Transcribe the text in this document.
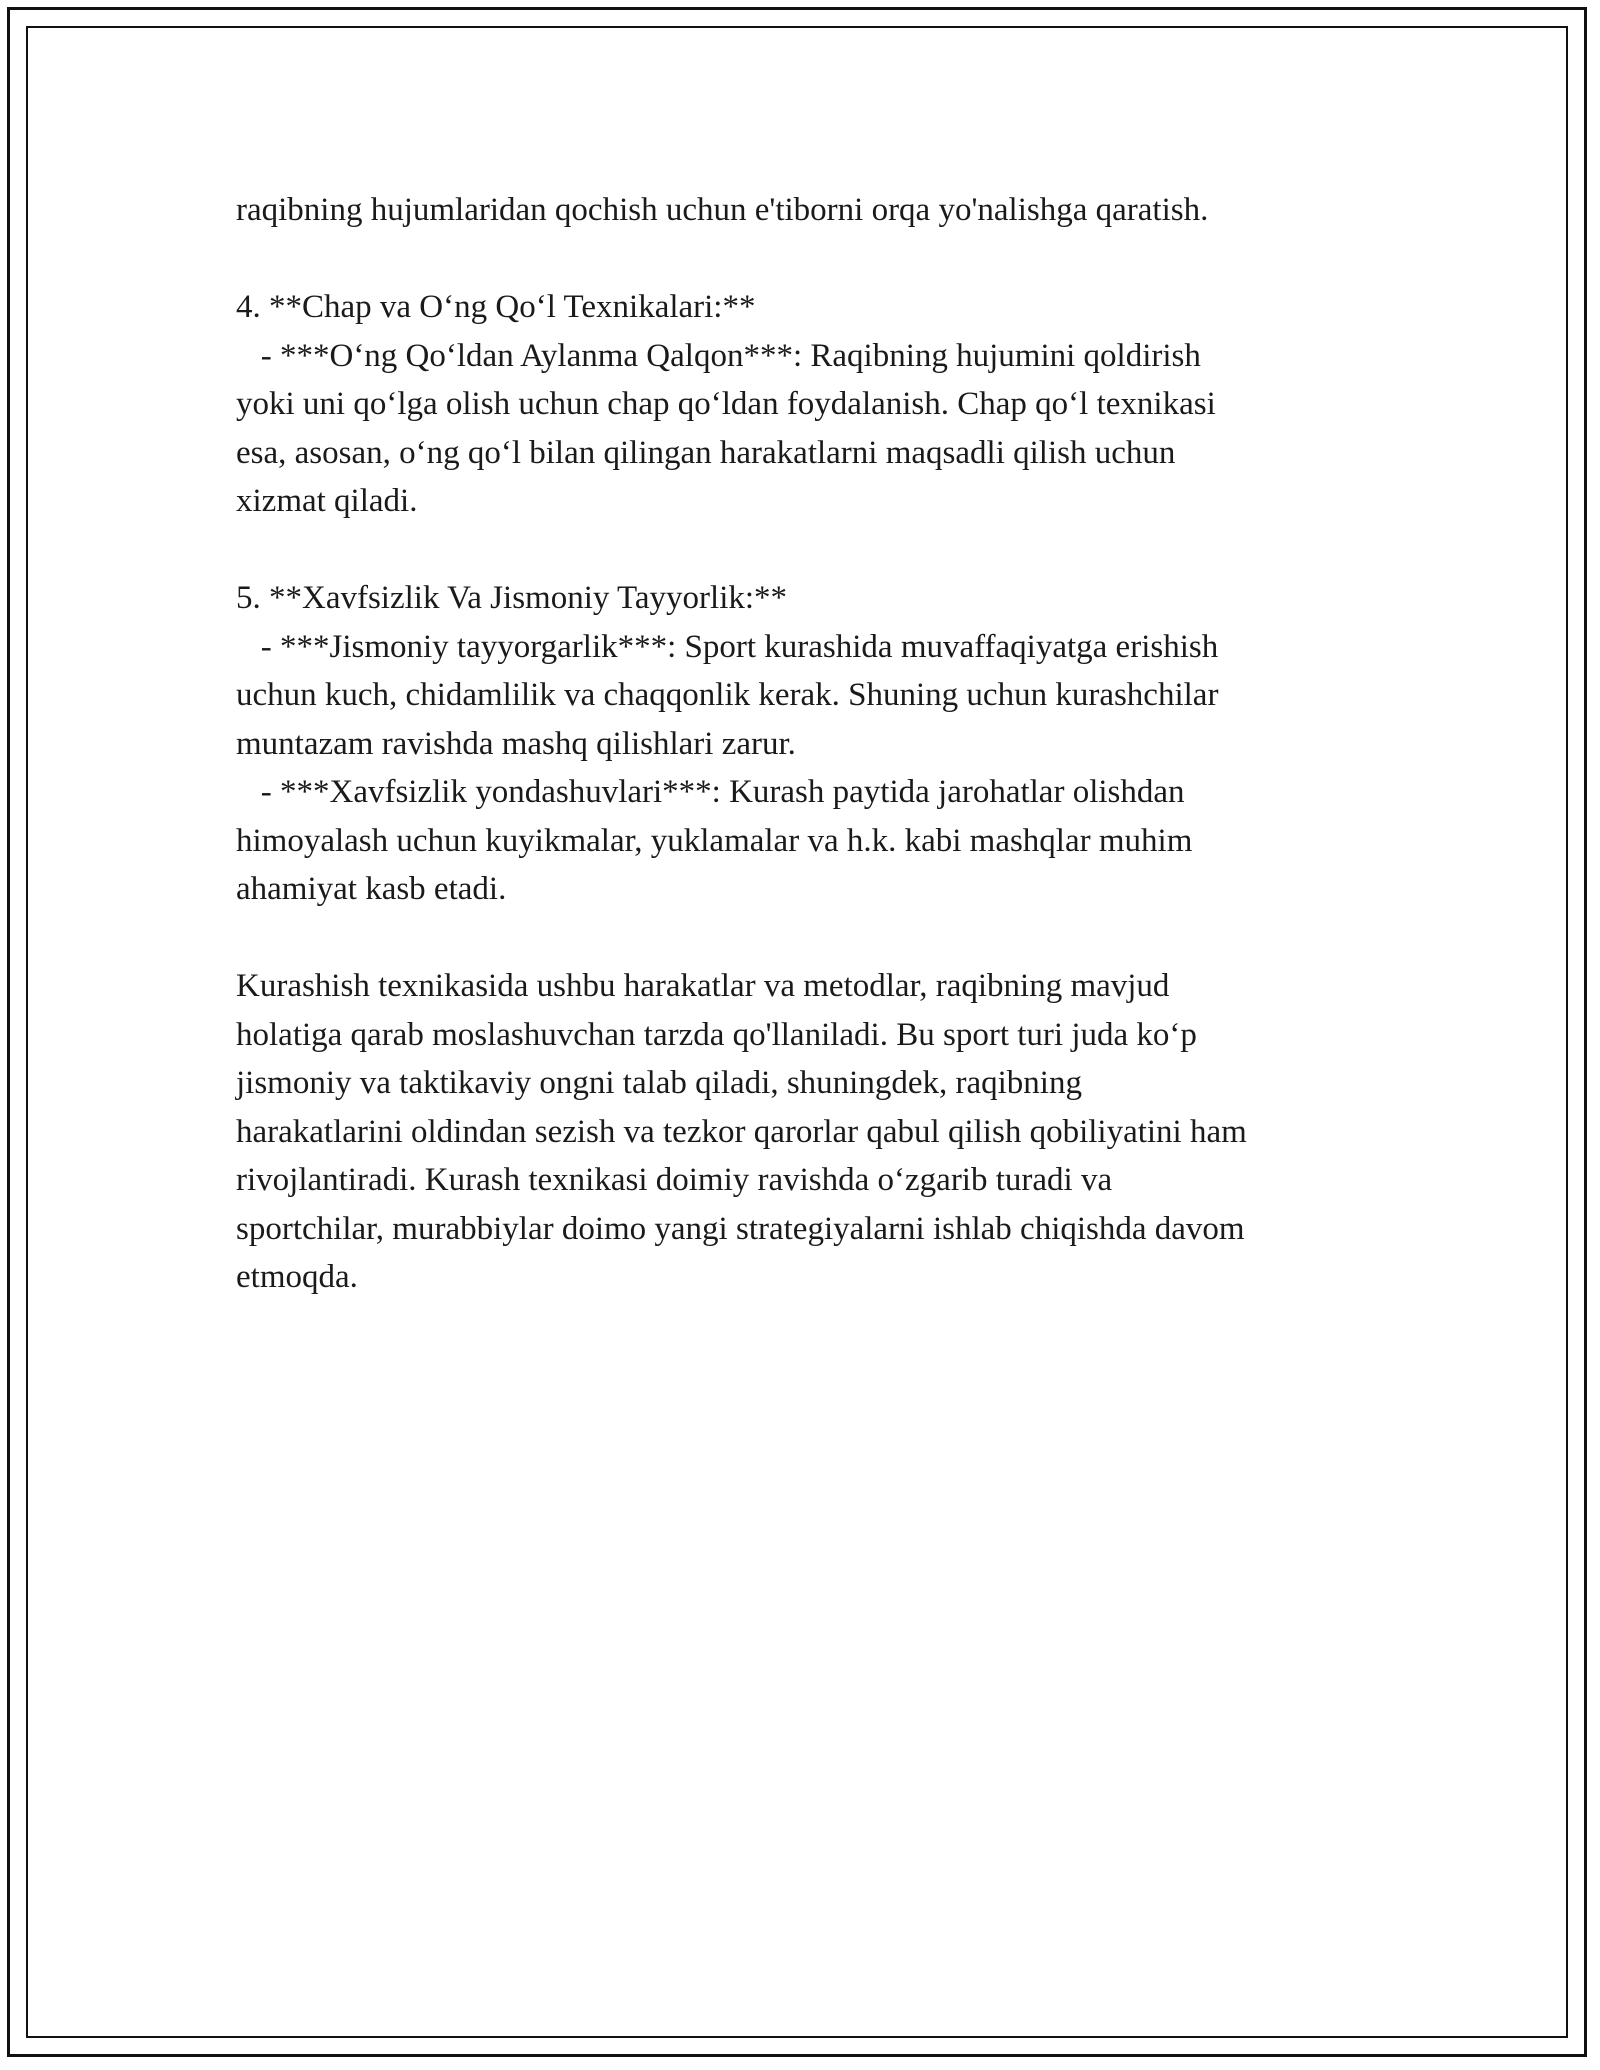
raqibning hujumlaridan qochish uchun e'tiborni orqa yo'nalishga qaratish.
4. **Chap va O‘ng Qo‘l Texnikalari:**
- ***O‘ng Qo‘ldan Aylanma Qalqon***: Raqibning hujumini qoldirish
yoki uni qo‘lga olish uchun chap qo‘ldan foydalanish. Chap qo‘l texnikasi
esa, asosan, o‘ng qo‘l bilan qilingan harakatlarni maqsadli qilish uchun
xizmat qiladi.
5. **Xavfsizlik Va Jismoniy Tayyorlik:**
- ***Jismoniy tayyorgarlik***: Sport kurashida muvaffaqiyatga erishish
uchun kuch, chidamlilik va chaqqonlik kerak. Shuning uchun kurashchilar
muntazam ravishda mashq qilishlari zarur.
- ***Xavfsizlik yondashuvlari***: Kurash paytida jarohatlar olishdan
himoyalash uchun kuyikmalar, yuklamalar va h.k. kabi mashqlar muhim
ahamiyat kasb etadi.
Kurashish texnikasida ushbu harakatlar va metodlar, raqibning mavjud
holatiga qarab moslashuvchan tarzda qo'llaniladi. Bu sport turi juda ko‘p
jismoniy va taktikaviy ongni talab qiladi, shuningdek, raqibning
harakatlarini oldindan sezish va tezkor qarorlar qabul qilish qobiliyatini ham
rivojlantiradi. Kurash texnikasi doimiy ravishda o‘zgarib turadi va
sportchilar, murabbiylar doimo yangi strategiyalarni ishlab chiqishda davom
etmoqda.
